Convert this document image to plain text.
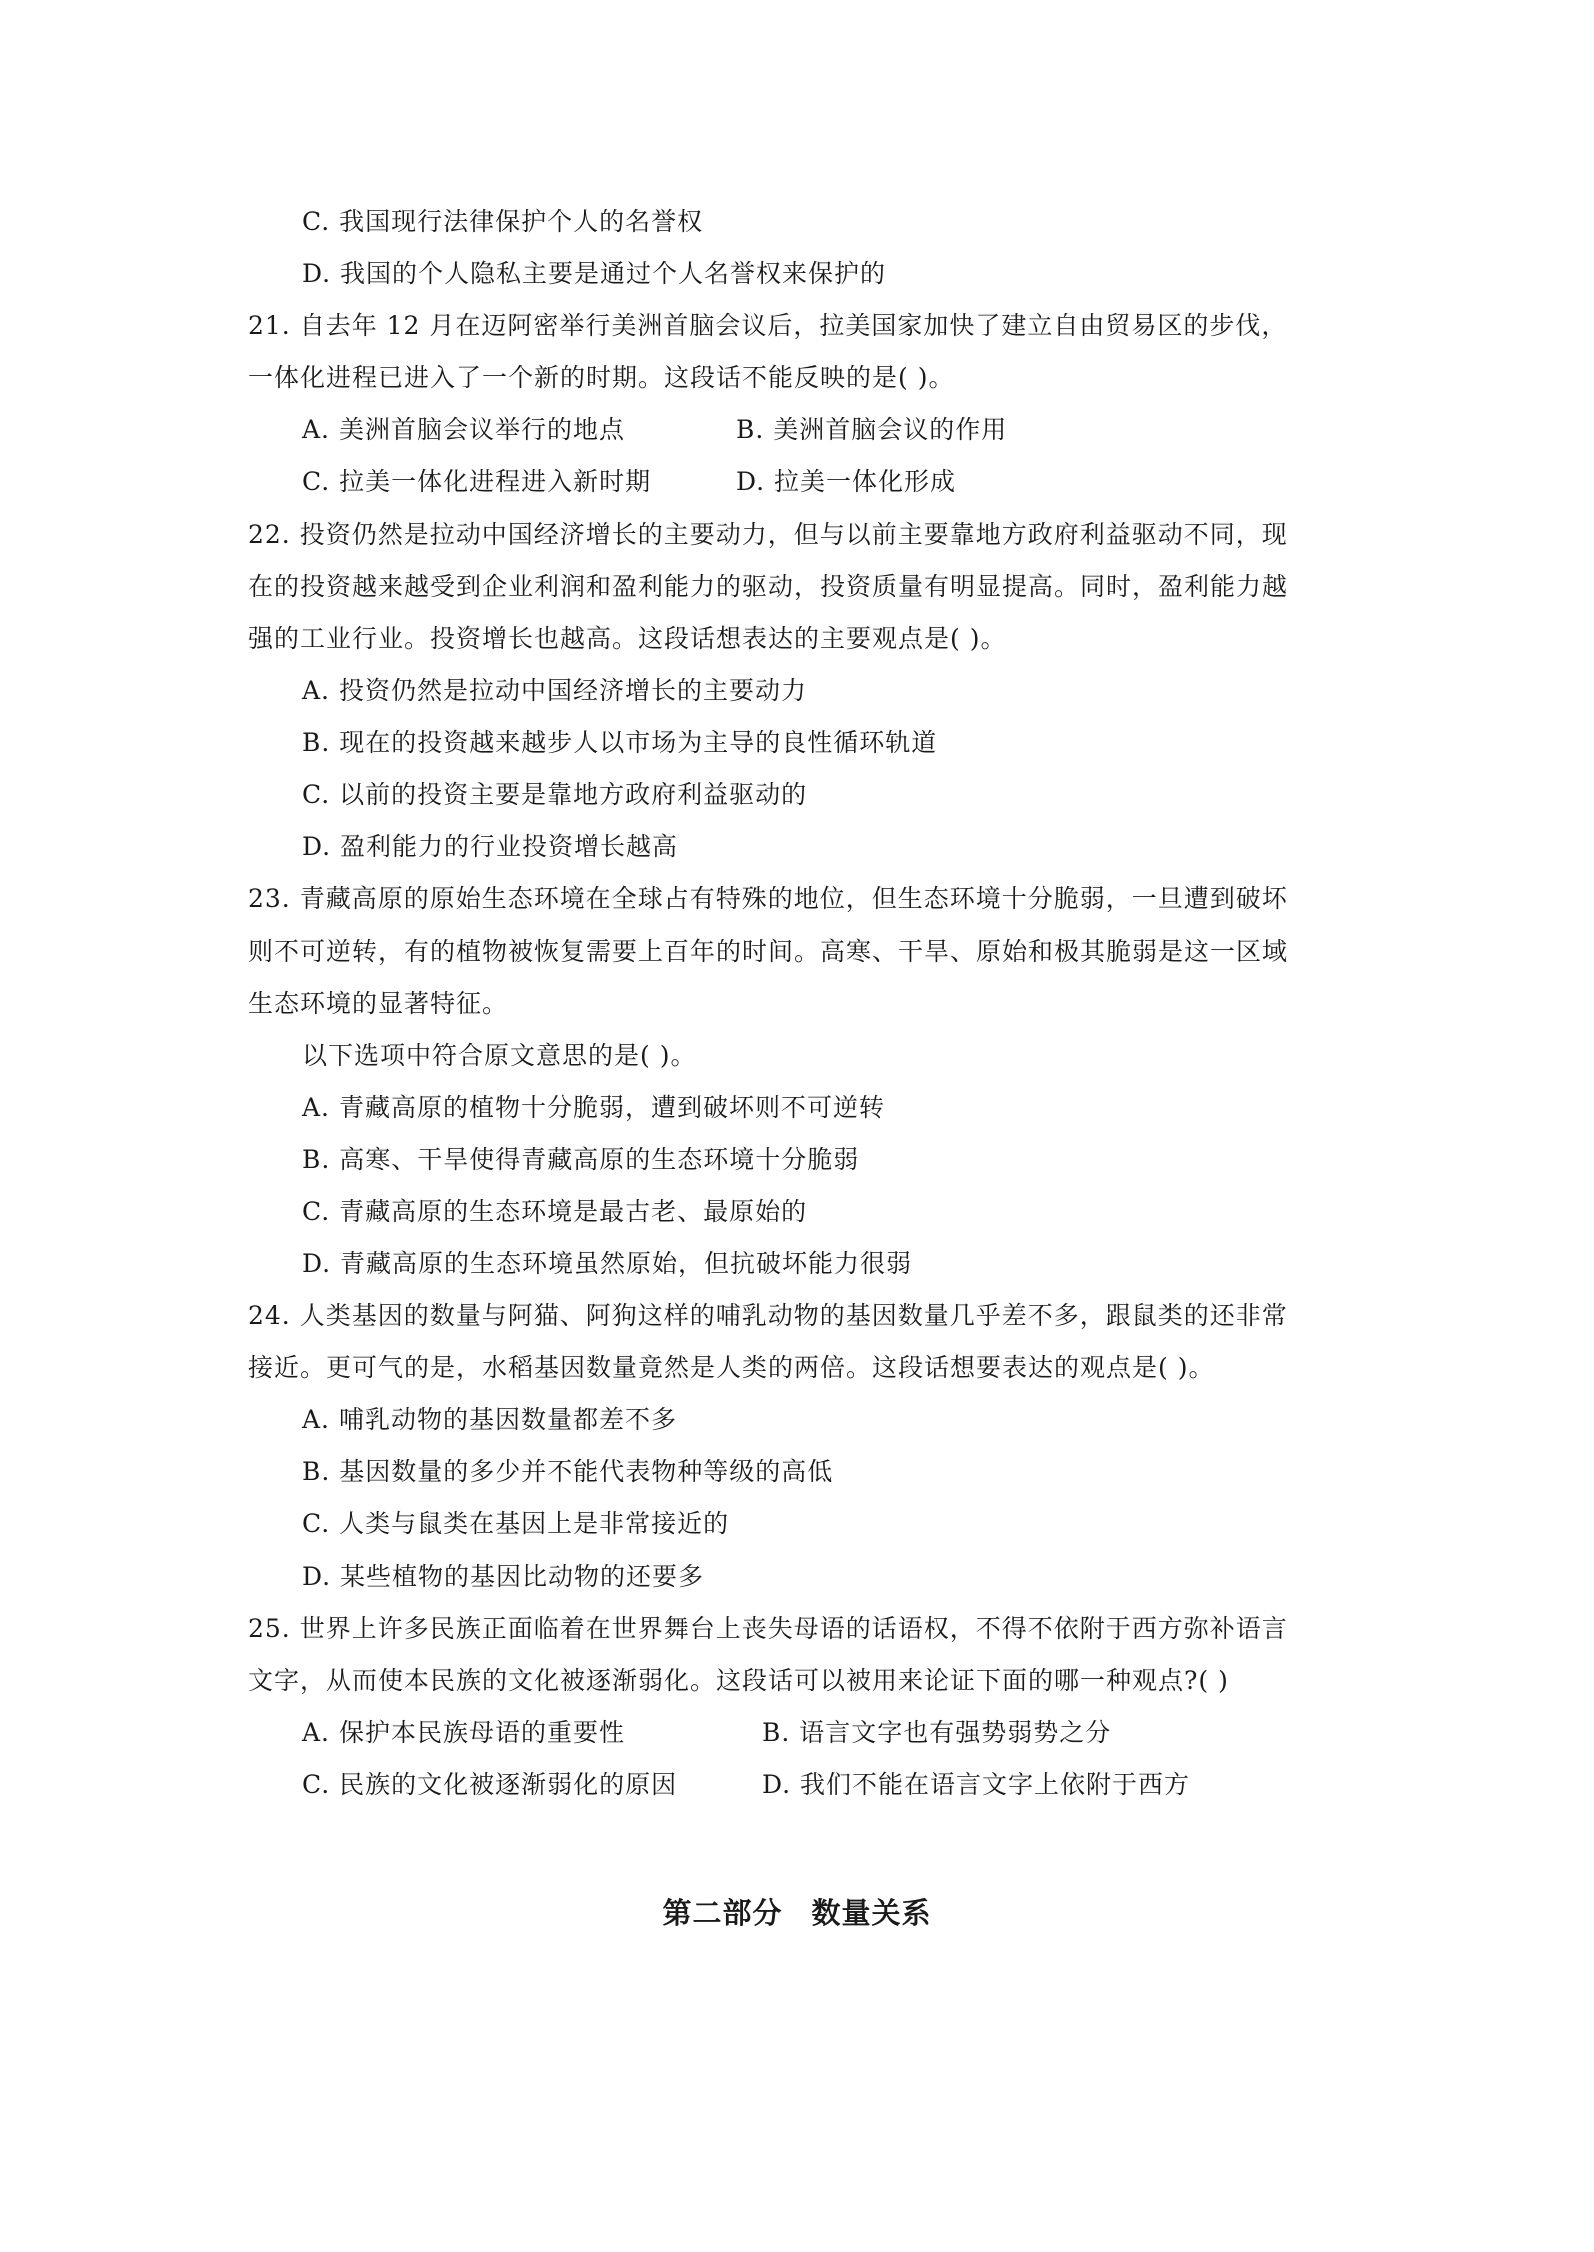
C. 我国现行法律保护个人的名誉权
D. 我国的个人隐私主要是通过个人名誉权来保护的
21. 自去年 12 月在迈阿密举行美洲首脑会议后，拉美国家加快了建立自由贸易区的步伐，
一体化进程已进入了一个新的时期。这段话不能反映的是( )。
A. 美洲首脑会议举行的地点	B. 美洲首脑会议的作用
C. 拉美一体化进程进入新时期	D. 拉美一体化形成
22. 投资仍然是拉动中国经济增长的主要动力，但与以前主要靠地方政府利益驱动不同，现
在的投资越来越受到企业利润和盈利能力的驱动，投资质量有明显提高。同时，盈利能力越
强的工业行业。投资增长也越高。这段话想表达的主要观点是( )。
A. 投资仍然是拉动中国经济增长的主要动力
B. 现在的投资越来越步人以市场为主导的良性循环轨道
C. 以前的投资主要是靠地方政府利益驱动的
D. 盈利能力的行业投资增长越高
23. 青藏高原的原始生态环境在全球占有特殊的地位，但生态环境十分脆弱，一旦遭到破坏
则不可逆转，有的植物被恢复需要上百年的时间。高寒、干旱、原始和极其脆弱是这一区域
生态环境的显著特征。
以下选项中符合原文意思的是( )。
A. 青藏高原的植物十分脆弱，遭到破坏则不可逆转
B. 高寒、干旱使得青藏高原的生态环境十分脆弱
C. 青藏高原的生态环境是最古老、最原始的
D. 青藏高原的生态环境虽然原始，但抗破坏能力很弱
24. 人类基因的数量与阿猫、阿狗这样的哺乳动物的基因数量几乎差不多，跟鼠类的还非常
接近。更可气的是，水稻基因数量竟然是人类的两倍。这段话想要表达的观点是( )。
A. 哺乳动物的基因数量都差不多
B. 基因数量的多少并不能代表物种等级的高低
C. 人类与鼠类在基因上是非常接近的
D. 某些植物的基因比动物的还要多
25. 世界上许多民族正面临着在世界舞台上丧失母语的话语权，不得不依附于西方弥补语言
文字，从而使本民族的文化被逐渐弱化。这段话可以被用来论证下面的哪一种观点?( )
A. 保护本民族母语的重要性	B. 语言文字也有强势弱势之分
C. 民族的文化被逐渐弱化的原因	D. 我们不能在语言文字上依附于西方
第二部分 数量关系
